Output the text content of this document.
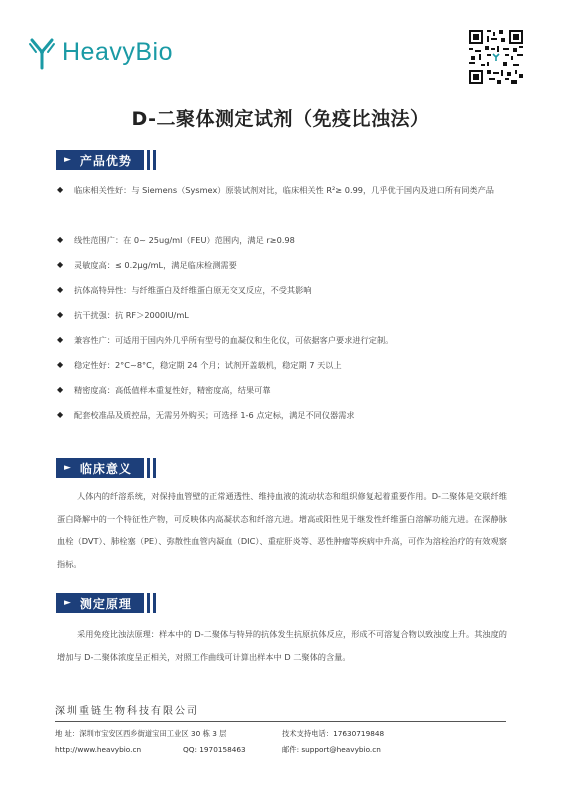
HeavyBio
D-二聚体测定试剂（免疫比浊法）
► 产品优势
◆	临床相关性好：与 Siemens（Sysmex）原装试剂对比，临床相关性 R²≥ 0.99，几乎优于国内及进口所有同类产品
◆	线性范围广：在 0~ 25ug/ml（FEU）范围内，满足 r≥0.98
◆	灵敏度高：≤ 0.2μg/mL，满足临床检测需要
◆	抗体高特异性：与纤维蛋白及纤维蛋白原无交叉反应，不受其影响
◆	抗干扰强：抗 RF＞2000IU/mL
◆	兼容性广：可适用于国内外几乎所有型号的血凝仪和生化仪，可依据客户要求进行定制。
◆	稳定性好：2°C~8°C，稳定期 24 个月；试剂开盖载机，稳定期 7 天以上
◆	精密度高：高低值样本重复性好，精密度高，结果可靠
◆	配套校准品及质控品，无需另外购买；可选择 1-6 点定标，满足不同仪器需求
► 临床意义
人体内的纤溶系统，对保持血管壁的正常通透性、维持血液的流动状态和组织修复起着重要作用。D-二聚体是交联纤维蛋白降解中的一个特征性产物，可反映体内高凝状态和纤溶亢进。增高或阳性见于继发性纤维蛋白溶解功能亢进。在深静脉血栓（DVT）、肺栓塞（PE）、弥散性血管内凝血（DIC）、重症肝炎等、恶性肿瘤等疾病中升高，可作为溶栓治疗的有效观察指标。
► 测定原理
采用免疫比浊法原理：样本中的 D-二聚体与特异的抗体发生抗原抗体反应，形成不可溶复合物以致浊度上升。其浊度的增加与 D-二聚体浓度呈正相关，对照工作曲线可计算出样本中 D 二聚体的含量。
深圳重链生物科技有限公司
地 址：深圳市宝安区西乡街道宝田工业区 30 栋 3 层	技术支持电话：17630719848
http://www.heavybio.cn	QQ: 1970158463	邮件: support@heavybio.cn
